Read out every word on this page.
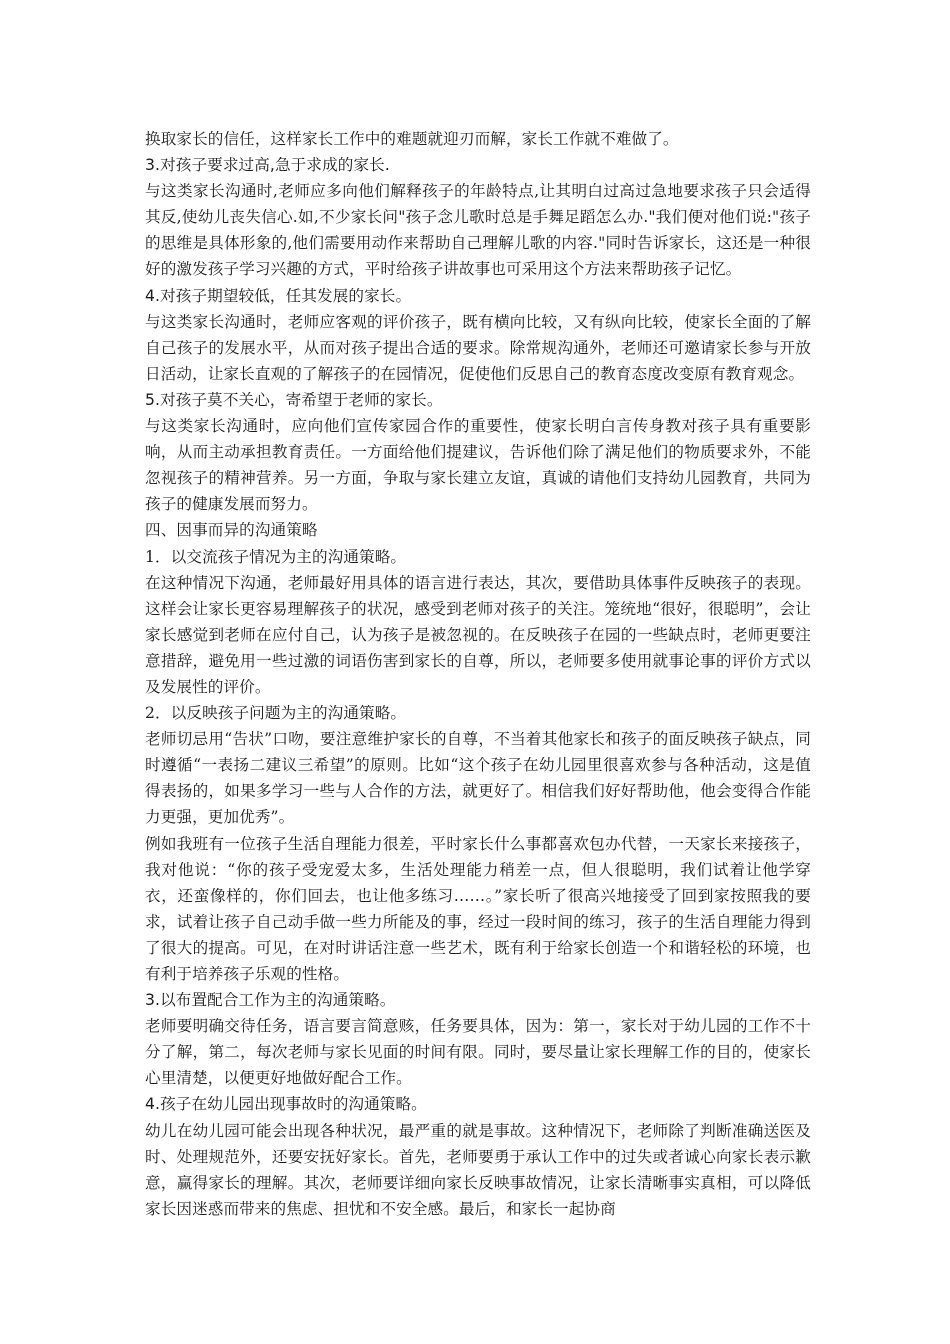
换取家长的信任，这样家长工作中的难题就迎刃而解，家长工作就不难做了。

3.对孩子要求过高,急于求成的家长.

与这类家长沟通时,老师应多向他们解释孩子的年龄特点,让其明白过高过急地要求孩子只会适得其反,使幼儿丧失信心.如,不少家长问"孩子念儿歌时总是手舞足蹈怎么办."我们便对他们说:"孩子的思维是具体形象的,他们需要用动作来帮助自己理解儿歌的内容."同时告诉家长，这还是一种很好的激发孩子学习兴趣的方式，平时给孩子讲故事也可采用这个方法来帮助孩子记忆。

4.对孩子期望较低，任其发展的家长。

与这类家长沟通时，老师应客观的评价孩子，既有横向比较，又有纵向比较，使家长全面的了解自己孩子的发展水平，从而对孩子提出合适的要求。除常规沟通外，老师还可邀请家长参与开放日活动，让家长直观的了解孩子的在园情况，促使他们反思自己的教育态度改变原有教育观念。

5.对孩子莫不关心，寄希望于老师的家长。

与这类家长沟通时，应向他们宣传家园合作的重要性，使家长明白言传身教对孩子具有重要影响，从而主动承担教育责任。一方面给他们提建议，告诉他们除了满足他们的物质要求外，不能忽视孩子的精神营养。另一方面，争取与家长建立友谊，真诚的请他们支持幼儿园教育，共同为孩子的健康发展而努力。

四、因事而异的沟通策略

1．以交流孩子情况为主的沟通策略。

在这种情况下沟通，老师最好用具体的语言进行表达，其次，要借助具体事件反映孩子的表现。这样会让家长更容易理解孩子的状况，感受到老师对孩子的关注。笼统地“很好，很聪明”，会让家长感觉到老师在应付自己，认为孩子是被忽视的。在反映孩子在园的一些缺点时，老师更要注意措辞，避免用一些过激的词语伤害到家长的自尊，所以，老师要多使用就事论事的评价方式以及发展性的评价。

2．以反映孩子问题为主的沟通策略。

老师切忌用“告状”口吻，要注意维护家长的自尊，不当着其他家长和孩子的面反映孩子缺点，同时遵循“一表扬二建议三希望”的原则。比如“这个孩子在幼儿园里很喜欢参与各种活动，这是值得表扬的，如果多学习一些与人合作的方法，就更好了。相信我们好好帮助他，他会变得合作能力更强，更加优秀”。

例如我班有一位孩子生活自理能力很差，平时家长什么事都喜欢包办代替，一天家长来接孩子，我对他说：“你的孩子受宠爱太多，生活处理能力稍差一点，但人很聪明，我们试着让他学穿衣，还蛮像样的，你们回去，也让他多练习……。”家长听了很高兴地接受了回到家按照我的要求，试着让孩子自己动手做一些力所能及的事，经过一段时间的练习，孩子的生活自理能力得到了很大的提高。可见，在对时讲话注意一些艺术，既有利于给家长创造一个和谐轻松的环境，也有利于培养孩子乐观的性格。

3.以布置配合工作为主的沟通策略。

老师要明确交待任务，语言要言简意赅，任务要具体，因为：第一，家长对于幼儿园的工作不十分了解，第二，每次老师与家长见面的时间有限。同时，要尽量让家长理解工作的目的，使家长心里清楚，以便更好地做好配合工作。

4.孩子在幼儿园出现事故时的沟通策略。

幼儿在幼儿园可能会出现各种状况，最严重的就是事故。这种情况下，老师除了判断准确送医及时、处理规范外，还要安抚好家长。首先，老师要勇于承认工作中的过失或者诚心向家长表示歉意，赢得家长的理解。其次，老师要详细向家长反映事故情况，让家长清晰事实真相，可以降低家长因迷惑而带来的焦虑、担忧和不安全感。最后，和家长一起协商
